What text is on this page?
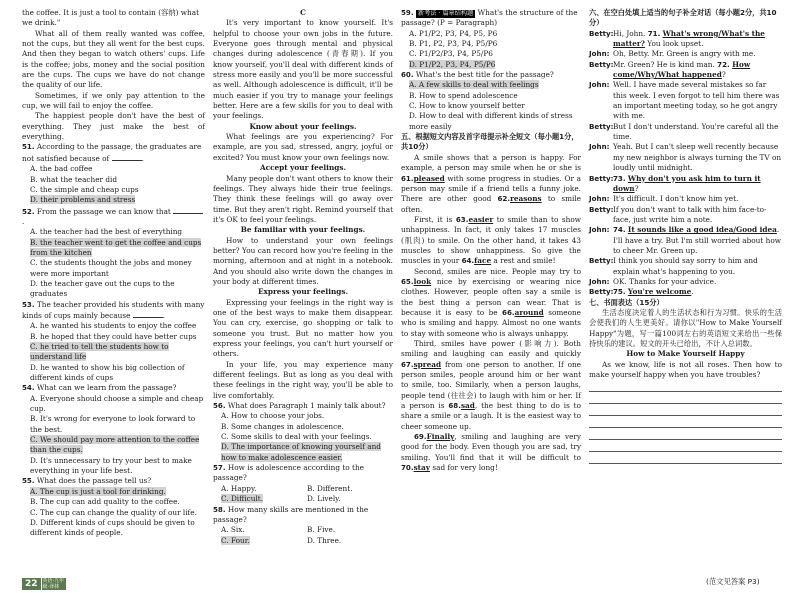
the coffee. It is just a tool to contain (容纳) what we drink."

What all of them really wanted was coffee, not the cups, but they all went for the best cups. And then they began to watch others' cups. Life is the coffee; jobs, money and the social position are the cups. The cups we have do not change the quality of our life.

Sometimes, if we only pay attention to the cup, we will fail to enjoy the coffee.

The happiest people don't have the best of everything. They just make the best of everything.

51. According to the passage, the graduates are not satisfied because of	.
A. the bad coffee
B. what the teacher did
C. the simple and cheap cups
D. their problems and stress
52. From the passage we can know that .
A. the teacher had the best of everything
B. the teacher went to get the coffee and cups from the kitchen
C. the students thought the jobs and money were more important
D. the teacher gave out the cups to the graduates
53. The teacher provided his students with many kinds of cups mainly because	.
A. he wanted his students to enjoy the coffee
B. he hoped that they could have better cups
C. he tried to tell the students how to understand life
D. he wanted to show his big collection of different kinds of cups
54. What can we learn from the passage?
A. Everyone should choose a simple and cheap cup.
B. It's wrong for everyone to look forward to the best.
C. We should pay more attention to the coffee than the cups.
D. It's unnecessary to try your best to make everything in your life best.
55. What does the passage tell us?
A. The cup is just a tool for drinking.
B. The cup can add quality to the coffee.
C. The cup can change the quality of our life.
D. Different kinds of cups should be given to different kinds of people.

C

It's very important to know yourself. It's helpful to choose your own jobs in the future. Everyone goes through mental and physical changes during adolescence (青春期). If you know yourself, you'll deal with different kinds of stress more easily and you'll be more successful as well. Although adolescence is difficult, it'll be much easier if you try to manage your feelings better. Here are a few skills for you to deal with your feelings.

Know about your feelings.

What feelings are you experiencing? For example, are you sad, stressed, angry, joyful or excited? You must know your own feelings now.

Accept your feelings.

Many people don't want others to know their feelings. They always hide their true feelings. They think these feelings will go away over time. But they aren't right. Remind yourself that it's OK to feel your feelings.

Be familiar with your feelings.

How to understand your own feelings better? You can record how you're feeling in the morning, afternoon and at night in a notebook. And you should also write down the changes in your body at different times.

Express your feelings.

Expressing your feelings in the right way is one of the best ways to make them disappear. You can cry, exercise, go shopping or talk to someone you trust. But no matter how you express your feelings, you can't hurt yourself or others.

In your life, you may experience many different feelings. But as long as you deal with these feelings in the right way, you'll be able to live comfortably.

56. What does Paragraph 1 mainly talk about?
A. How to choose your jobs.
B. Some changes in adolescence.
C. Some skills to deal with your feelings.
D. The importance of knowing yourself and how to make adolescence easier.
57. How is adolescence according to the passage?
A. Happy.	B. Different.
C. Difficult.	D. Lively.
58. How many skills are mentioned in the passage?
A. Six.	B. Five.
C. Four.	D. Three.
59. 新考法 · 篇章结构题 What's the structure of the passage? (P = Paragraph)
A. P1/P2, P3, P4, P5, P6
B. P1, P2, P3, P4, P5/P6
C. P1/P2/P3, P4, P5/P6
D. P1/P2, P3, P4, P5/P6
60. What's the best title for the passage?
A. A few skills to deal with feelings
B. How to spend adolescence
C. How to know yourself better
D. How to deal with different kinds of stress more easily

五、根据短文内容及首字母提示补全短文（每小题1分，共10分）

A smile shows that a person is happy. For example, a person may smile when he or she is 61.pleased with some progress in studies. Or a person may smile if a friend tells a funny joke. There are other good 62.reasons to smile often.

First, it is 63.easier to smile than to show unhappiness. In fact, it only takes 17 muscles (肌肉) to smile. On the other hand, it takes 43 muscles to show unhappiness. So give the muscles in your 64.face a rest and smile!

Second, smiles are nice. People may try to 65.look nice by exercising or wearing nice clothes. However, people often say a smile is the best thing a person can wear. That is because it is easy to be 66.around someone who is smiling and happy. Almost no one wants to stay with someone who is always unhappy.

Third, smiles have power (影响力). Both smiling and laughing can easily and quickly 67.spread from one person to another. If one person smiles, people around him or her want to smile, too. Similarly, when a person laughs, people tend (往往会) to laugh with him or her. If a person is 68.sad, the best thing to do is to share a smile or a laugh. It is the easiest way to cheer someone up.

69.Finally, smiling and laughing are very good for the body. Even though you are sad, try smiling. You'll find that it will be difficult to 70.stay sad for very long!

六、在空白处填上适当的句子补全对话（每小题2分，共10分）

Betty: Hi, John. 71. What's wrong/What's the matter? You look upset.
John: Oh, Betty. Mr. Green is angry with me.
Betty: Mr. Green? He is kind man. 72. How come/Why/What happened?
John: Well. I have made several mistakes so far this week. I even forgot to tell him there was an important meeting today, so he got angry with me.
Betty: But I don't understand. You're careful all the time.
John: Yeah. But I can't sleep well recently because my new neighbor is always turning the TV on loudly until midnight.
Betty: 73. Why don't you ask him to turn it down?
John: It's difficult. I don't know him yet.
Betty: If you don't want to talk with him face-to-face, just write him a note.
John: 74. It sounds like a good idea/Good idea. I'll have a try. But I'm still worried about how to cheer Mr. Green up.
Betty: I think you should say sorry to him and explain what's happening to you.
John: OK. Thanks for your advice.
Betty: 75. You're welcome.

七、书面表达（15分）

生活态度决定着人的生活状态和行为习惯。快乐的生活会使我们的人生更美好。请你以"How to Make Yourself Happy"为题，写一篇100词左右的英语短文来给出一些保持快乐的建议。短文的开头已给出，不计入总词数。

How to Make Yourself Happy

As we know, life is not all roses. Then how to make yourself happy when you have troubles?

(范文见答案 P3)
22	英语·九年级·译林
